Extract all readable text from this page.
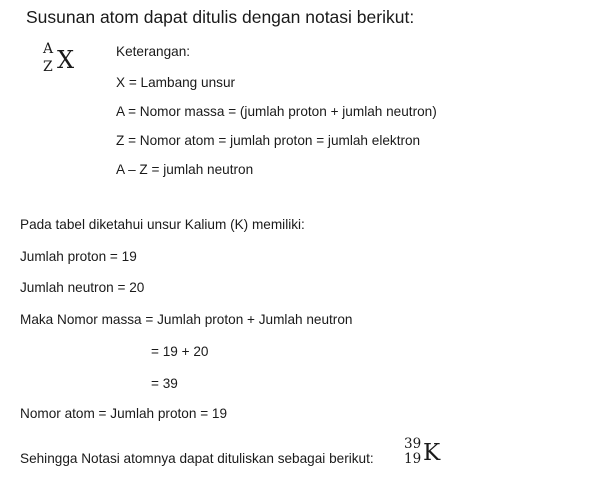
Susunan atom dapat ditulis dengan notasi berikut:
A
Z X	Keterangan:
X = Lambang unsur
A = Nomor massa = (jumlah proton + jumlah neutron)
Z = Nomor atom = jumlah proton = jumlah elektron
A – Z = jumlah neutron
Pada tabel diketahui unsur Kalium (K) memiliki:
Jumlah proton = 19
Jumlah neutron = 20
Maka Nomor massa = Jumlah proton + Jumlah neutron
= 19 + 20
= 39
Nomor atom = Jumlah proton = 19
Sehingga Notasi atomnya dapat dituliskan sebagai berikut:
39
19 K
